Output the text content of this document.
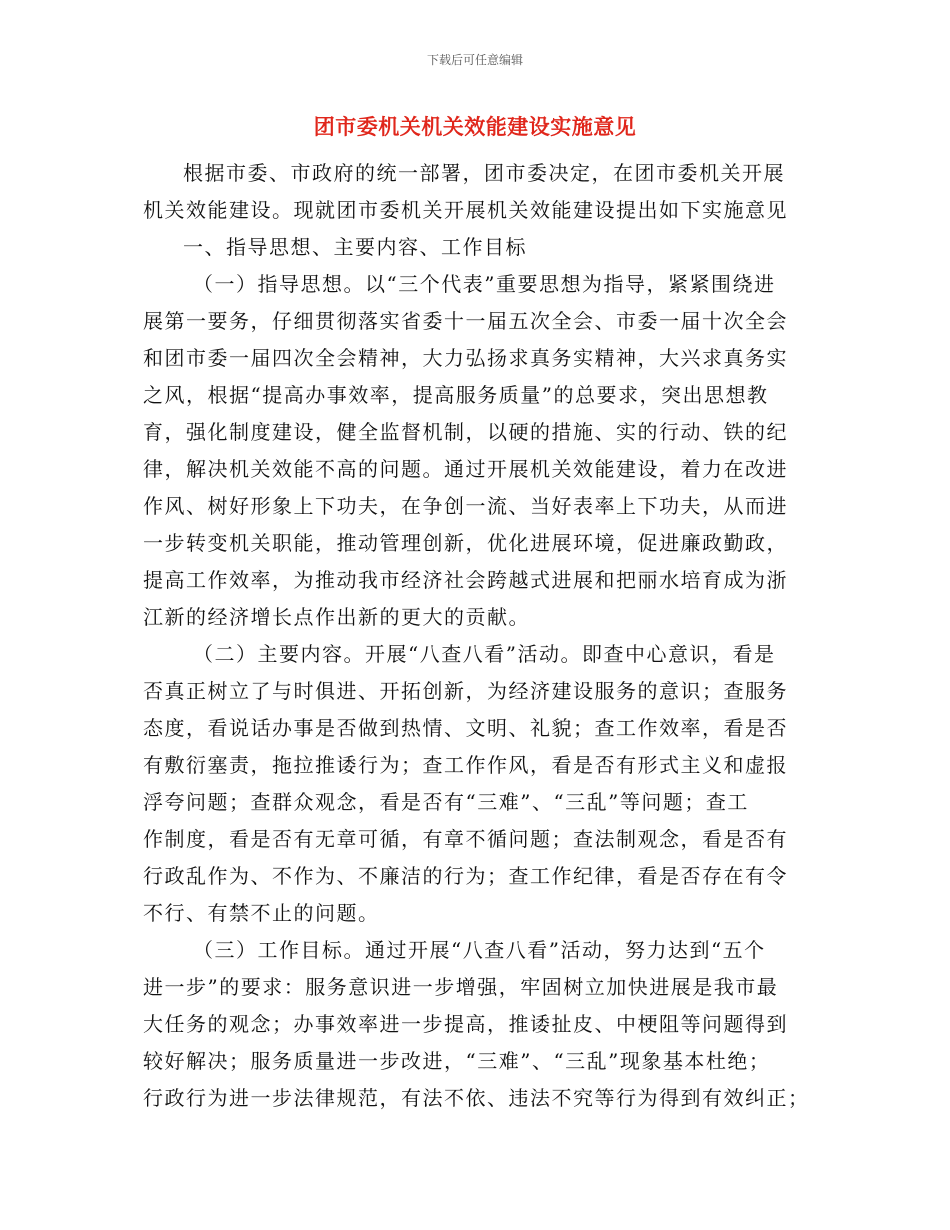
下载后可任意编辑
团市委机关机关效能建设实施意见
根据市委、市政府的统一部署，团市委决定，在团市委机关开展
机关效能建设。现就团市委机关开展机关效能建设提出如下实施意见
一、指导思想、主要内容、工作目标
（一）指导思想。以“三个代表”重要思想为指导，紧紧围绕进
展第一要务，仔细贯彻落实省委十一届五次全会、市委一届十次全会
和团市委一届四次全会精神，大力弘扬求真务实精神，大兴求真务实
之风，根据“提高办事效率，提高服务质量”的总要求，突出思想教
育，强化制度建设，健全监督机制，以硬的措施、实的行动、铁的纪
律，解决机关效能不高的问题。通过开展机关效能建设，着力在改进
作风、树好形象上下功夫，在争创一流、当好表率上下功夫，从而进
一步转变机关职能，推动管理创新，优化进展环境，促进廉政勤政，
提高工作效率，为推动我市经济社会跨越式进展和把丽水培育成为浙
江新的经济增长点作出新的更大的贡献。
（二）主要内容。开展“八查八看”活动。即查中心意识，看是
否真正树立了与时俱进、开拓创新，为经济建设服务的意识；查服务
态度，看说话办事是否做到热情、文明、礼貌；查工作效率，看是否
有敷衍塞责，拖拉推诿行为；查工作作风，看是否有形式主义和虚报
浮夸问题；查群众观念，看是否有“三难”、“三乱”等问题；查工
作制度，看是否有无章可循，有章不循问题；查法制观念，看是否有
行政乱作为、不作为、不廉洁的行为；查工作纪律，看是否存在有令
不行、有禁不止的问题。
（三）工作目标。通过开展“八查八看”活动，努力达到“五个
进一步”的要求：服务意识进一步增强，牢固树立加快进展是我市最
大任务的观念；办事效率进一步提高，推诿扯皮、中梗阻等问题得到
较好解决；服务质量进一步改进，“三难”、“三乱”现象基本杜绝；
行政行为进一步法律规范，有法不依、违法不究等行为得到有效纠正；
